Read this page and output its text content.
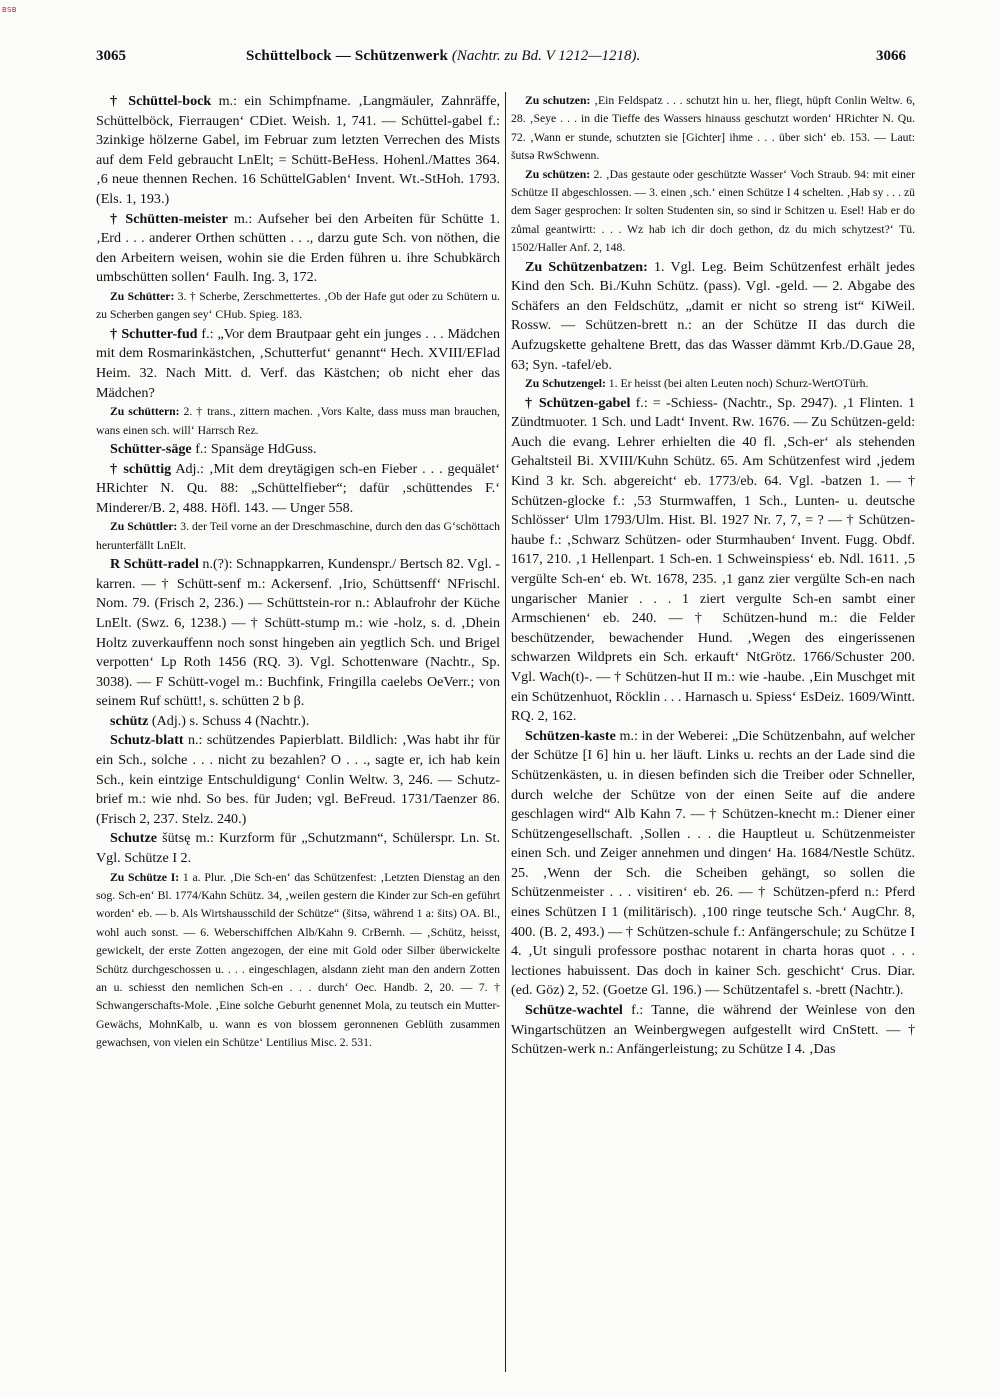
BSB
3065	Schüttelbock — Schützenwerk (Nachtr. zu Bd. V 1212—1218).	3066

† Schüttel-bock m.: ein Schimpfname. ‚Langmäuler, Zahnräffe, Schüttelböck, Fierraugen‘ CDiet. Weish. 1, 741. — Schüttel-gabel f.: 3zinkige hölzerne Gabel, im Februar zum letzten Verrechen des Mists auf dem Feld gebraucht LnElt; = Schütt-BeHess. Hohenl./Mattes 364. ‚6 neue thennen Rechen. 16 SchüttelGablen‘ Invent. Wt.-StHoh. 1793. (Els. 1, 193.)

† Schütten-meister m.: Aufseher bei den Arbeiten für Schütte 1. ‚Erd . . . anderer Orthen schütten . . ., darzu gute Sch. von nöthen, die den Arbeitern weisen, wohin sie die Erden führen u. ihre Schubkärch umbschütten sollen‘ Faulh. Ing. 3, 172.

Zu Schütter: 3. † Scherbe, Zerschmettertes. ‚Ob der Hafe gut oder zu Schütern u. zu Scherben gangen sey‘ CHub. Spieg. 183.

† Schutter-fud f.: „Vor dem Brautpaar geht ein junges . . . Mädchen mit dem Rosmarinkästchen, ‚Schutterfut‘ genannt“ Hech. XVIII/EFlad Heim. 32. Nach Mitt. d. Verf. das Kästchen; ob nicht eher das Mädchen?

Zu schüttern: 2. † trans., zittern machen. ‚Vors Kalte, dass muss man brauchen, wans einen sch. will‘ Harrsch Rez.

Schütter-säge f.: Spansäge HdGuss.

† schüttig Adj.: ‚Mit dem dreytägigen sch-en Fieber . . . gequälet‘ HRichter N. Qu. 88: „Schüttelfieber“; dafür ‚schüttendes F.‘ Minderer/B. 2, 488. Höfl. 143. — Unger 558.

Zu Schüttler: 3. der Teil vorne an der Dreschmaschine, durch den das G‘schöttach herunterfällt LnElt.

R Schütt-radel n.(?): Schnappkarren, Kundenspr./ Bertsch 82. Vgl. -karren. — † Schütt-senf m.: Ackersenf. ‚Irio, Schüttsenff‘ NFrischl. Nom. 79. (Frisch 2, 236.) — Schüttstein-ror n.: Ablaufrohr der Küche LnElt. (Swz. 6, 1238.) — † Schütt-stump m.: wie -holz, s. d. ‚Dhein Holtz zuverkauffenn noch sonst hingeben ain yegtlich Sch. und Brigel verpotten‘ Lp Roth 1456 (RQ. 3). Vgl. Schottenware (Nachtr., Sp. 3038). — F Schütt-vogel m.: Buchfink, Fringilla caelebs OeVerr.; von seinem Ruf schütt!, s. schütten 2 b β.

schütz (Adj.) s. Schuss 4 (Nachtr.).

Schutz-blatt n.: schützendes Papierblatt. Bildlich: ‚Was habt ihr für ein Sch., solche . . . nicht zu bezahlen? O . . ., sagte er, ich hab kein Sch., kein eintzige Entschuldigung‘ Conlin Weltw. 3, 246. — Schutz-brief m.: wie nhd. So bes. für Juden; vgl. BeFreud. 1731/Taenzer 86. (Frisch 2, 237. Stelz. 240.)

Schutze šütsę m.: Kurzform für „Schutzmann“, Schülerspr. Ln. St. Vgl. Schütze I 2.

Zu Schütze I: 1 a. Plur. ‚Die Sch-en‘ das Schützenfest: ‚Letzten Dienstag an den sog. Sch-en‘ Bl. 1774/Kahn Schütz. 34, ‚weilen gestern die Kinder zur Sch-en geführt worden‘ eb. — b. Als Wirtshausschild der Schütze“ (šitsə, während 1 a: šits) OA. Bl., wohl auch sonst. — 6. Weberschiffchen Alb/Kahn 9. CrBernh. — ‚Schütz, heisst, gewickelt, der erste Zotten angezogen, der eine mit Gold oder Silber überwickelte Schütz durchgeschossen u. . . . eingeschlagen, alsdann zieht man den andern Zotten an u. schiesst den nemlichen Sch-en . . . durch‘ Oec. Handb. 2, 20. — 7. † Schwangerschafts-Mole. ‚Eine solche Geburht genennet Mola, zu teutsch ein Mutter-Gewächs, MohnKalb, u. wann es von blossem geronnenen Geblüth zusammen gewachsen, von vielen ein Schütze‘ Lentilius Misc. 2. 531.

Zu schutzen: ‚Ein Feldspatz . . . schutzt hin u. her, fliegt, hüpft Conlin Weltw. 6, 28. ‚Seye . . . in die Tieffe des Wassers hinauss geschutzt worden‘ HRichter N. Qu. 72. ‚Wann er stunde, schutzten sie [Gichter] ihme . . . über sich‘ eb. 153. — Laut: šutsə RwSchwenn.

Zu schützen: 2. ‚Das gestaute oder geschützte Wasser‘ Voch Straub. 94: mit einer Schütze II abgeschlossen. — 3. einen ‚sch.‘ einen Schütze I 4 schelten. ‚Hab sy . . . zü dem Sager gesprochen: Ir solten Studenten sin, so sind ir Schitzen u. Esel! Hab er do zůmal geantwirtt: . . . Wz hab ich dir doch gethon, dz du mich schytzest?‘ Tü. 1502/Haller Anf. 2, 148.

Zu Schützenbatzen: 1. Vgl. Leg. Beim Schützenfest erhält jedes Kind den Sch. Bi./Kuhn Schütz. (pass). Vgl. -geld. — 2. Abgabe des Schäfers an den Feldschütz, „damit er nicht so streng ist“ KiWeil. Rossw. — Schützen-brett n.: an der Schütze II das durch die Aufzugskette gehaltene Brett, das das Wasser dämmt Krb./D.Gaue 28, 63; Syn. -tafel/eb.

Zu Schutzengel: 1. Er heisst (bei alten Leuten noch) Schurz-WertOTürh.

† Schützen-gabel f.: = -Schiess- (Nachtr., Sp. 2947). ‚1 Flinten. 1 Zündtmuoter. 1 Sch. und Ladt‘ Invent. Rw. 1676. — Zu Schützen-geld: Auch die evang. Lehrer erhielten die 40 fl. ‚Sch-er‘ als stehenden Gehaltsteil Bi. XVIII/Kuhn Schütz. 65. Am Schützenfest wird ‚jedem Kind 3 kr. Sch. abgereicht‘ eb. 1773/eb. 64. Vgl. -batzen 1. — † Schützen-glocke f.: ‚53 Sturmwaffen, 1 Sch., Lunten- u. deutsche Schlösser‘ Ulm 1793/Ulm. Hist. Bl. 1927 Nr. 7, 7, = ? — † Schützen-haube f.: ‚Schwarz Schützen- oder Sturmhauben‘ Invent. Fugg. Obdf. 1617, 210. ‚1 Hellenpart. 1 Sch-en. 1 Schweinspiess‘ eb. Ndl. 1611. ‚5 vergülte Sch-en‘ eb. Wt. 1678, 235. ‚1 ganz zier vergülte Sch-en nach ungarischer Manier . . . 1 ziert vergulte Sch-en sambt einer Armschienen‘ eb. 240. — † Schützen-hund m.: die Felder beschützender, bewachender Hund. ‚Wegen des eingerissenen schwarzen Wildprets ein Sch. erkauft‘ NtGrötz. 1766/Schuster 200. Vgl. Wach(t)-. — † Schützen-hut II m.: wie -haube. ‚Ein Muschget mit ein Schützenhuot, Röcklin . . . Harnasch u. Spiess‘ EsDeiz. 1609/Wintt. RQ. 2, 162.

Schützen-kaste m.: in der Weberei: „Die Schützenbahn, auf welcher der Schütze [I 6] hin u. her läuft. Links u. rechts an der Lade sind die Schützenkästen, u. in diesen befinden sich die Treiber oder Schneller, durch welche der Schütze von der einen Seite auf die andere geschlagen wird“ Alb Kahn 7. — † Schützen-knecht m.: Diener einer Schützengesellschaft. ‚Sollen . . . die Hauptleut u. Schützenmeister einen Sch. und Zeiger annehmen und dingen‘ Ha. 1684/Nestle Schütz. 25. ‚Wenn der Sch. die Scheiben gehängt, so sollen die Schützenmeister . . . visitiren‘ eb. 26. — † Schützen-pferd n.: Pferd eines Schützen I 1 (militärisch). ‚100 ringe teutsche Sch.‘ AugChr. 8, 400. (B. 2, 493.) — † Schützen-schule f.: Anfängerschule; zu Schütze I 4. ‚Ut singuli professore posthac notarent in charta horas quot . . . lectiones habuissent. Das doch in kainer Sch. geschicht‘ Crus. Diar. (ed. Göz) 2, 52. (Goetze Gl. 196.) — Schützentafel s. -brett (Nachtr.).

Schütze-wachtel f.: Tanne, die während der Weinlese von den Wingartschützen an Weinbergwegen aufgestellt wird CnStett. — † Schützen-werk n.: Anfängerleistung; zu Schütze I 4. ‚Das
